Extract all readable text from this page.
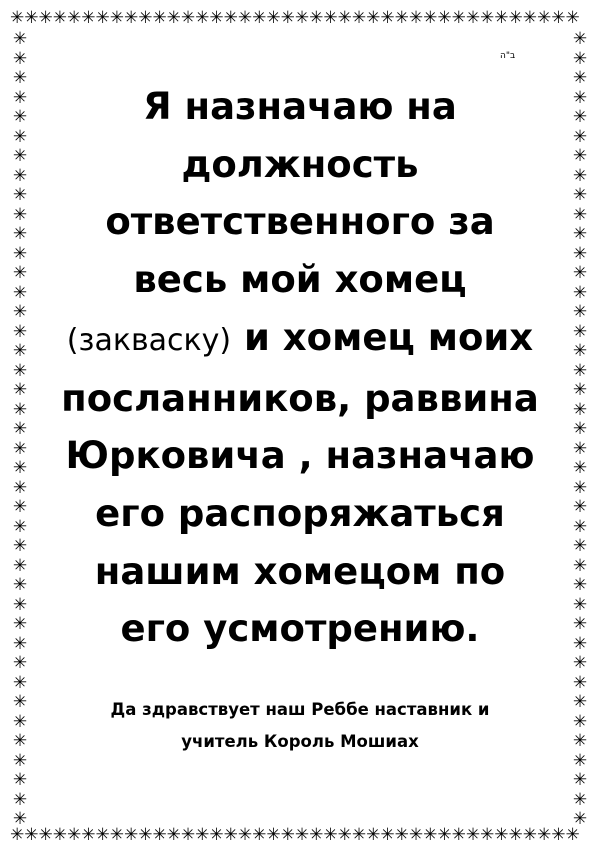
✳✳✳✳✳✳✳✳✳✳✳✳✳✳✳✳✳✳✳✳✳✳✳✳✳✳✳✳✳✳✳✳✳✳✳✳✳✳✳✳
✳✳✳✳✳✳✳✳✳✳✳✳✳✳✳✳✳✳✳✳✳✳✳✳✳✳✳✳✳✳✳✳✳✳✳✳✳✳✳✳
✳
✳
✳
✳
✳
✳
✳
✳
✳
✳
✳
✳
✳
✳
✳
✳
✳
✳
✳
✳
✳
✳
✳
✳
✳
✳
✳
✳
✳
✳
✳
✳
✳
✳
✳
✳
✳
✳
✳
✳
✳
✳
✳
✳
✳
✳
✳
✳
✳
✳
✳
✳
✳
✳
✳
✳
✳
✳
✳
✳
✳
✳
✳
✳
✳
✳
✳
✳
✳
✳
✳
✳
✳
✳
✳
✳
✳
✳
✳
✳
✳
✳
ב"ה
Я назначаю на
должность
ответственного за
весь мой хомец
(закваску) и хомец моих
посланников, раввина
Юрковича , назначаю
его распоряжаться
нашим хомецом по
его усмотрению.
Да здравствует наш Реббе наставник и
учитель Король Мошиах
